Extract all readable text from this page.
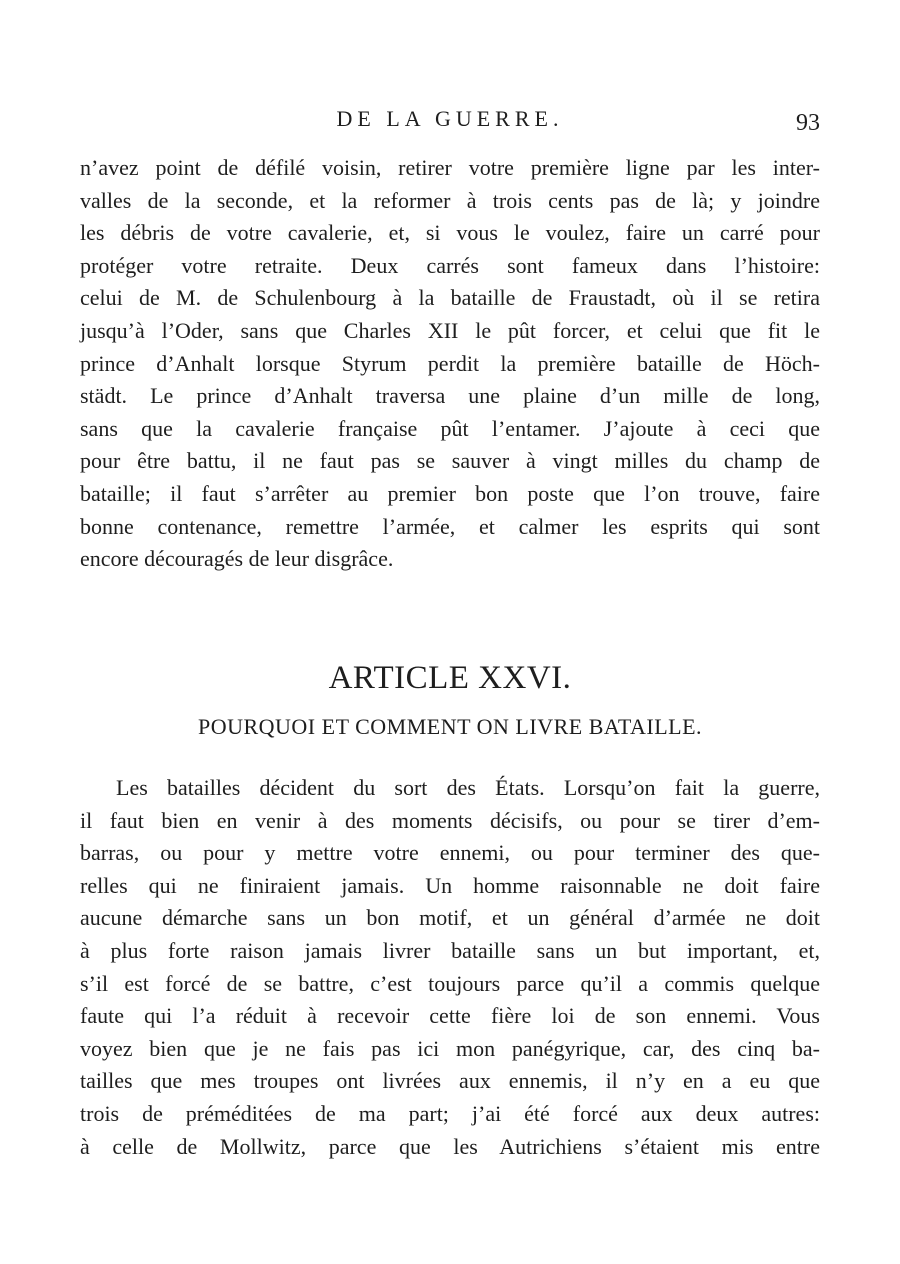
DE LA GUERRE.	93
n’avez point de défilé voisin, retirer votre première ligne par les inter-
valles de la seconde, et la reformer à trois cents pas de là; y joindre
les débris de votre cavalerie, et, si vous le voulez, faire un carré pour
protéger votre retraite. Deux carrés sont fameux dans l’histoire:
celui de M. de Schulenbourg à la bataille de Fraustadt, où il se retira
jusqu’à l’Oder, sans que Charles XII le pût forcer, et celui que fit le
prince d’Anhalt lorsque Styrum perdit la première bataille de Höch-
städt. Le prince d’Anhalt traversa une plaine d’un mille de long,
sans que la cavalerie française pût l’entamer. J’ajoute à ceci que
pour être battu, il ne faut pas se sauver à vingt milles du champ de
bataille; il faut s’arrêter au premier bon poste que l’on trouve, faire
bonne contenance, remettre l’armée, et calmer les esprits qui sont
encore découragés de leur disgrâce.
ARTICLE XXVI.
POURQUOI ET COMMENT ON LIVRE BATAILLE.
Les batailles décident du sort des États. Lorsqu’on fait la guerre,
il faut bien en venir à des moments décisifs, ou pour se tirer d’em-
barras, ou pour y mettre votre ennemi, ou pour terminer des que-
relles qui ne finiraient jamais. Un homme raisonnable ne doit faire
aucune démarche sans un bon motif, et un général d’armée ne doit
à plus forte raison jamais livrer bataille sans un but important, et,
s’il est forcé de se battre, c’est toujours parce qu’il a commis quelque
faute qui l’a réduit à recevoir cette fière loi de son ennemi. Vous
voyez bien que je ne fais pas ici mon panégyrique, car, des cinq ba-
tailles que mes troupes ont livrées aux ennemis, il n’y en a eu que
trois de préméditées de ma part; j’ai été forcé aux deux autres:
à celle de Mollwitz, parce que les Autrichiens s’étaient mis entre
